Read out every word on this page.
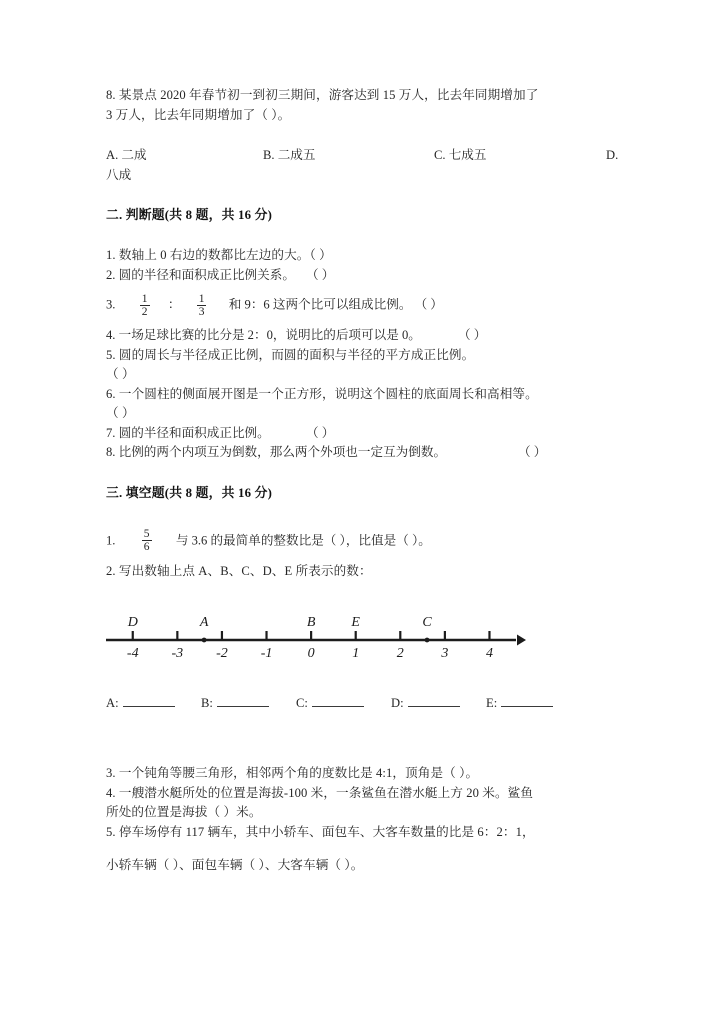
8. 某景点 2020 年春节初一到初三期间，游客达到 15 万人，比去年同期增加了

3 万人，比去年同期增加了（ ）。

A. 二成	B. 二成五	C. 七成五	D.
八成
二. 判断题(共 8 题，共 16 分)

1. 数轴上 0 右边的数都比左边的大。（ ）

2. 圆的半径和面积成正比例关系。 （ ）
3. $\frac{1}{2}$ ： $\frac{1}{3}$ 和 9：6 这两个比可以组成比例。 （ ）
4. 一场足球比赛的比分是 2：0，说明比的后项可以是 0。	（ ）

5. 圆的周长与半径成正比例，而圆的面积与半径的平方成正比例。

（ ）

6. 一个圆柱的侧面展开图是一个正方形，说明这个圆柱的底面周长和高相等。

（ ）

7. 圆的半径和面积成正比例。	（ ）
8. 比例的两个内项互为倒数，那么两个外项也一定互为倒数。	（ ）
三. 填空题(共 8 题，共 16 分)
1. $\frac{5}{6}$ 与 3.6 的最简单的整数比是（ ），比值是（ ）。

2. 写出数轴上点 A、B、C、D、E 所表示的数：

-4 -3 -2 -1	0	1	2	3	4
D	A	B	E	C
A:	B:	C:	D:	E:

3. 一个钝角等腰三角形，相邻两个角的度数比是 4:1，顶角是（ ）。

4. 一艘潜水艇所处的位置是海拔-100 米，一条鲨鱼在潜水艇上方 20 米。鲨鱼

所处的位置是海拔（ ）米。

5. 停车场停有 117 辆车，其中小轿车、面包车、大客车数量的比是 6：2：1，

小轿车辆（ ）、面包车辆（ ）、大客车辆（ ）。
